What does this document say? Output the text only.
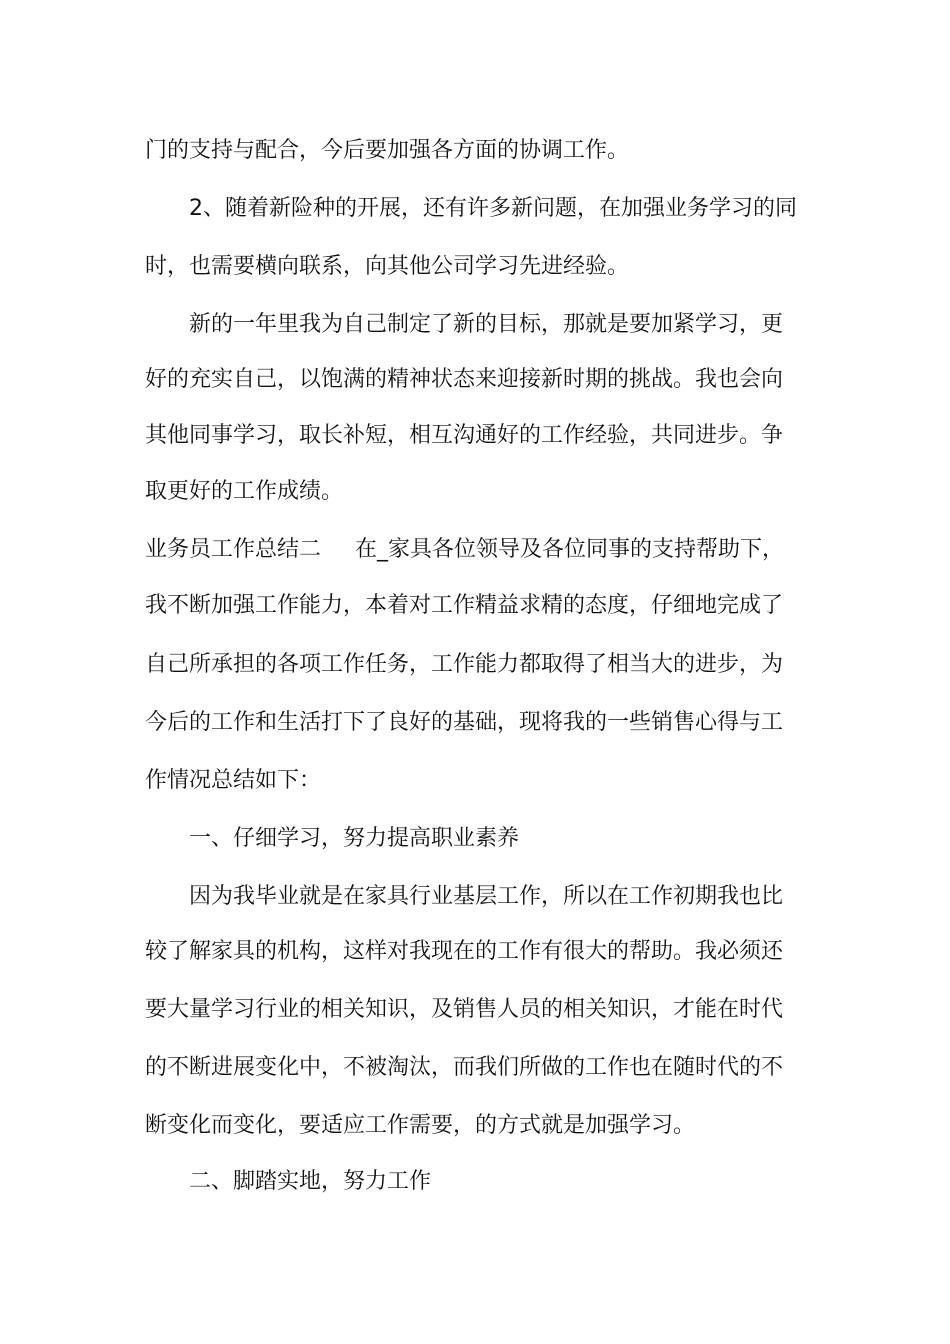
门的支持与配合，今后要加强各方面的协调工作。
2、随着新险种的开展，还有许多新问题，在加强业务学习的同
时，也需要横向联系，向其他公司学习先进经验。
新的一年里我为自己制定了新的目标，那就是要加紧学习，更
好的充实自己，以饱满的精神状态来迎接新时期的挑战。我也会向
其他同事学习，取长补短，相互沟通好的工作经验，共同进步。争
取更好的工作成绩。
业务员工作总结二 在_家具各位领导及各位同事的支持帮助下，
我不断加强工作能力，本着对工作精益求精的态度，仔细地完成了
自己所承担的各项工作任务，工作能力都取得了相当大的进步，为
今后的工作和生活打下了良好的基础，现将我的一些销售心得与工
作情况总结如下：
一、仔细学习，努力提高职业素养
因为我毕业就是在家具行业基层工作，所以在工作初期我也比
较了解家具的机构，这样对我现在的工作有很大的帮助。我必须还
要大量学习行业的相关知识，及销售人员的相关知识，才能在时代
的不断进展变化中，不被淘汰，而我们所做的工作也在随时代的不
断变化而变化，要适应工作需要，的方式就是加强学习。
二、脚踏实地，努力工作
